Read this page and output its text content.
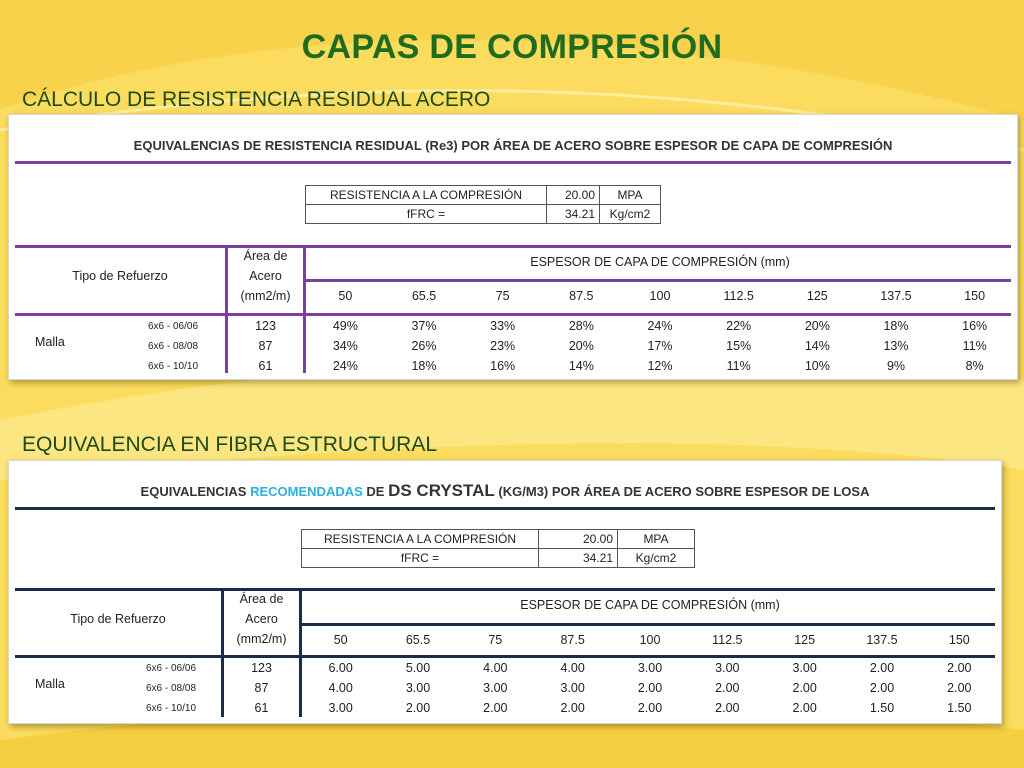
CAPAS DE COMPRESIÓN
CÁLCULO DE RESISTENCIA RESIDUAL ACERO
EQUIVALENCIA EN FIBRA ESTRUCTURAL
EQUIVALENCIAS DE RESISTENCIA RESIDUAL (Re3) POR ÁREA DE ACERO SOBRE ESPESOR DE CAPA DE COMPRESIÓN
RESISTENCIA A LA COMPRESIÓN	20.00	MPA
fFRC =	34.21	Kg/cm2
Tipo de Refuerzo
Área de
Acero
(mm2/m)
ESPESOR DE CAPA DE COMPRESIÓN (mm)
50	65.5	75	87.5	100	112.5	125	137.5	150
Malla
6x6 - 06/06	123	49%	37%	33%	28%	24%	22%	20%	18%	16%
6x6 - 08/08	87	34%	26%	23%	20%	17%	15%	14%	13%	11%
6x6 - 10/10	61	24%	18%	16%	14%	12%	11%	10%	9%	8%
EQUIVALENCIAS RECOMENDADAS DE DS CRYSTAL (KG/M3) POR ÁREA DE ACERO SOBRE ESPESOR DE LOSA
RESISTENCIA A LA COMPRESIÓN	20.00	MPA
fFRC =	34.21	Kg/cm2
Tipo de Refuerzo
Área de
Acero
(mm2/m)
ESPESOR DE CAPA DE COMPRESIÓN (mm)
50	65.5	75	87.5	100	112.5	125	137.5	150
Malla
6x6 - 06/06	123	6.00	5.00	4.00	4.00	3.00	3.00	3.00	2.00	2.00
6x6 - 08/08	87	4.00	3.00	3.00	3.00	2.00	2.00	2.00	2.00	2.00
6x6 - 10/10	61	3.00	2.00	2.00	2.00	2.00	2.00	2.00	1.50	1.50
